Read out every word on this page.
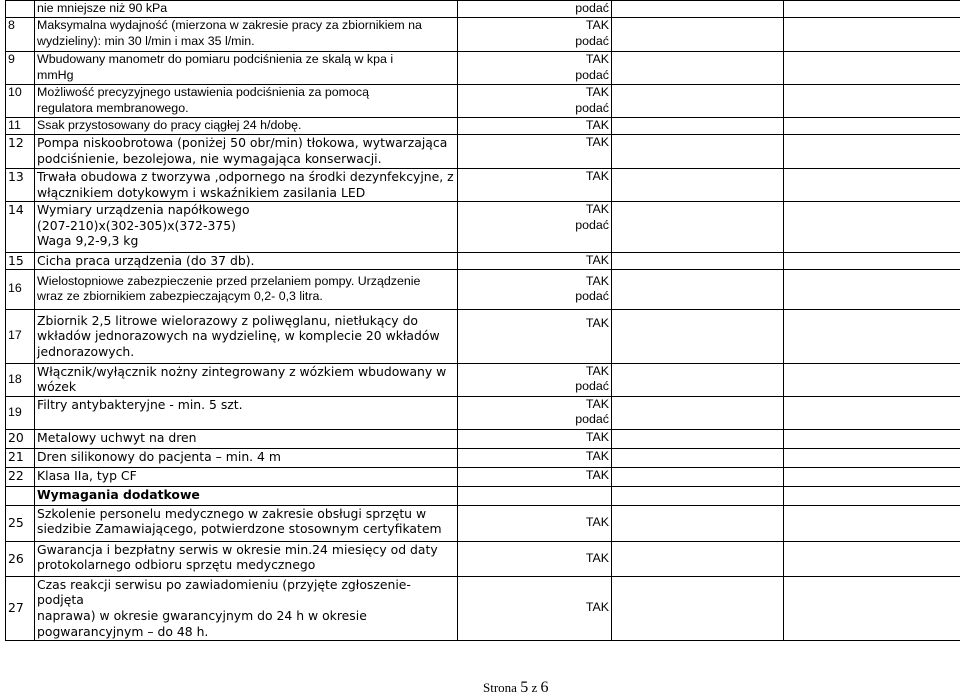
	nie mniejsze niż 90 kPa	podać		

8	Maksymalna wydajność (mierzona w zakresie pracy za zbiornikiem na
wydzieliny): min 30 l/min i max 35 l/min.	TAK
podać		

9	Wbudowany manometr do pomiaru podciśnienia ze skalą w kpa i
mmHg	TAK
podać		

10	Możliwość precyzyjnego ustawienia podciśnienia za pomocą
regulatora membranowego.	TAK
podać		

11	Ssak przystosowany do pracy ciągłej 24 h/dobę.	TAK		

12	Pompa niskoobrotowa (poniżej 50 obr/min) tłokowa, wytwarzająca
podciśnienie, bezolejowa, nie wymagająca konserwacji.	TAK		

13	Trwała obudowa z tworzywa ,odpornego na środki dezynfekcyjne, z
włącznikiem dotykowym i wskaźnikiem zasilania LED	TAK		

14	Wymiary urządzenia napółkowego
(207-210)x(302-305)x(372-375)
Waga 9,2-9,3 kg	TAK
podać		

15	Cicha praca urządzenia (do 37 db).	TAK		

16	Wielostopniowe zabezpieczenie przed przelaniem pompy. Urządzenie
wraz ze zbiornikiem zabezpieczającym 0,2- 0,3 litra.	TAK
podać		

17	Zbiornik 2,5 litrowe wielorazowy z poliwęglanu, nietłukący do
wkładów jednorazowych na wydzielinę, w komplecie 20 wkładów
jednorazowych.	TAK		

18	Włącznik/wyłącznik nożny zintegrowany z wózkiem wbudowany w
wózek	TAK
podać		

19	Filtry antybakteryjne - min. 5 szt.	TAK
podać		

20	Metalowy uchwyt na dren	TAK		

21	Dren silikonowy do pacjenta – min. 4 m	TAK		

22	Klasa IIa, typ CF	TAK		

	Wymagania dodatkowe			
25	Szkolenie personelu medycznego w zakresie obsługi sprzętu w
siedzibie Zamawiającego, potwierdzone stosownym certyfikatem	TAK		

26	Gwarancja i bezpłatny serwis w okresie min.24 miesięcy od daty
protokolarnego odbioru sprzętu medycznego	TAK		

27	Czas reakcji serwisu po zawiadomieniu (przyjęte zgłoszenie- podjęta
naprawa) w okresie gwarancyjnym do 24 h w okresie
pogwarancyjnym – do 48 h.	TAK		

Strona 5 z 6
